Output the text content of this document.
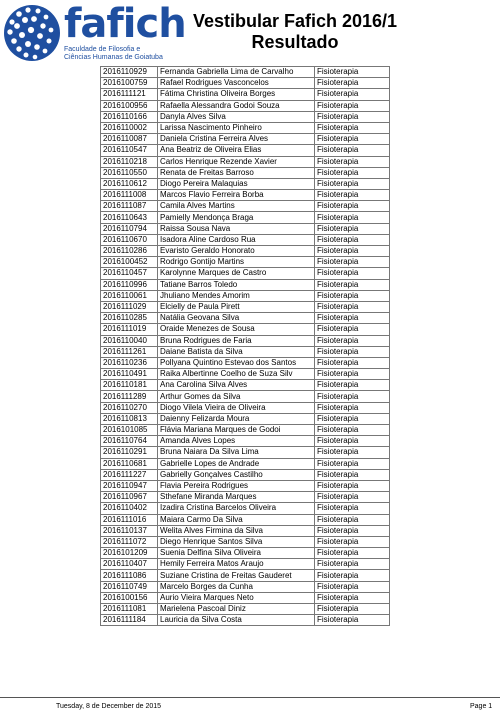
fafich
Faculdade de Filosofia e
Ciências Humanas de Goiatuba
Vestibular Fafich 2016/1
Resultado
2016110929	Fernanda Gabriella Lima de Carvalho	Fisioterapia
2016100759	Rafael Rodrigues Vasconcelos	Fisioterapia
2016111121	Fátima Christina Oliveira Borges	Fisioterapia
2016100956	Rafaella Alessandra Godoi Souza	Fisioterapia
2016110166	Danyla Alves Silva	Fisioterapia
2016110002	Larissa Nascimento Pinheiro	Fisioterapia
2016110087	Daniela Cristina Ferreira Alves	Fisioterapia
2016110547	Ana Beatriz de Oliveira Elias	Fisioterapia
2016110218	Carlos Henrique Rezende Xavier	Fisioterapia
2016110550	Renata de Freitas Barroso	Fisioterapia
2016110612	Diogo Pereira Malaquias	Fisioterapia
2016111008	Marcos Flavio Ferreira Borba	Fisioterapia
2016111087	Camila Alves Martins	Fisioterapia
2016110643	Pamielly Mendonça Braga	Fisioterapia
2016110794	Raissa Sousa Nava	Fisioterapia
2016110670	Isadora Aline Cardoso Rua	Fisioterapia
2016110286	Evaristo Geraldo Honorato	Fisioterapia
2016100452	Rodrigo Gontijo Martins	Fisioterapia
2016110457	Karolynne Marques de Castro	Fisioterapia
2016110996	Tatiane Barros Toledo	Fisioterapia
2016110061	Jhuliano Mendes Amorim	Fisioterapia
2016111029	Elcielly de Paula Pirett	Fisioterapia
2016110285	Natália Geovana Silva	Fisioterapia
2016111019	Oraide Menezes de Sousa	Fisioterapia
2016110040	Bruna Rodrigues de Faria	Fisioterapia
2016111261	Daiane Batista da Silva	Fisioterapia
2016110236	Pollyana Quintino Estevao dos Santos	Fisioterapia
2016110491	Raika Albertinne Coelho de Suza Silv	Fisioterapia
2016110181	Ana Carolina Silva Alves	Fisioterapia
2016111289	Arthur Gomes da Silva	Fisioterapia
2016110270	Diogo Vilela Vieira de Oliveira	Fisioterapia
2016110813	Daienny Felizarda Moura	Fisioterapia
2016101085	Flávia Mariana Marques de Godoi	Fisioterapia
2016110764	Amanda Alves Lopes	Fisioterapia
2016110291	Bruna Naiara Da Silva Lima	Fisioterapia
2016110681	Gabrielle Lopes de Andrade	Fisioterapia
2016111227	Gabrielly Gonçalves Castilho	Fisioterapia
2016110947	Flavia Pereira Rodrigues	Fisioterapia
2016110967	Sthefane Miranda Marques	Fisioterapia
2016110402	Izadira Cristina Barcelos Oliveira	Fisioterapia
2016111016	Maiara Carmo Da Silva	Fisioterapia
2016110137	Welita Alves Firmina da Silva	Fisioterapia
2016111072	Diego Henrique Santos Silva	Fisioterapia
2016101209	Suenia Delfina Silva Oliveira	Fisioterapia
2016110407	Hemily Ferreira Matos Araujo	Fisioterapia
2016111086	Suziane Cristina de Freitas Gauderet	Fisioterapia
2016110749	Marcelo Borges da Cunha	Fisioterapia
2016100156	Aurio Vieira Marques Neto	Fisioterapia
2016111081	Marielena Pascoal Diniz	Fisioterapia
2016111184	Lauricia da Silva Costa	Fisioterapia
Tuesday, 8 de December de 2015	Page 1
